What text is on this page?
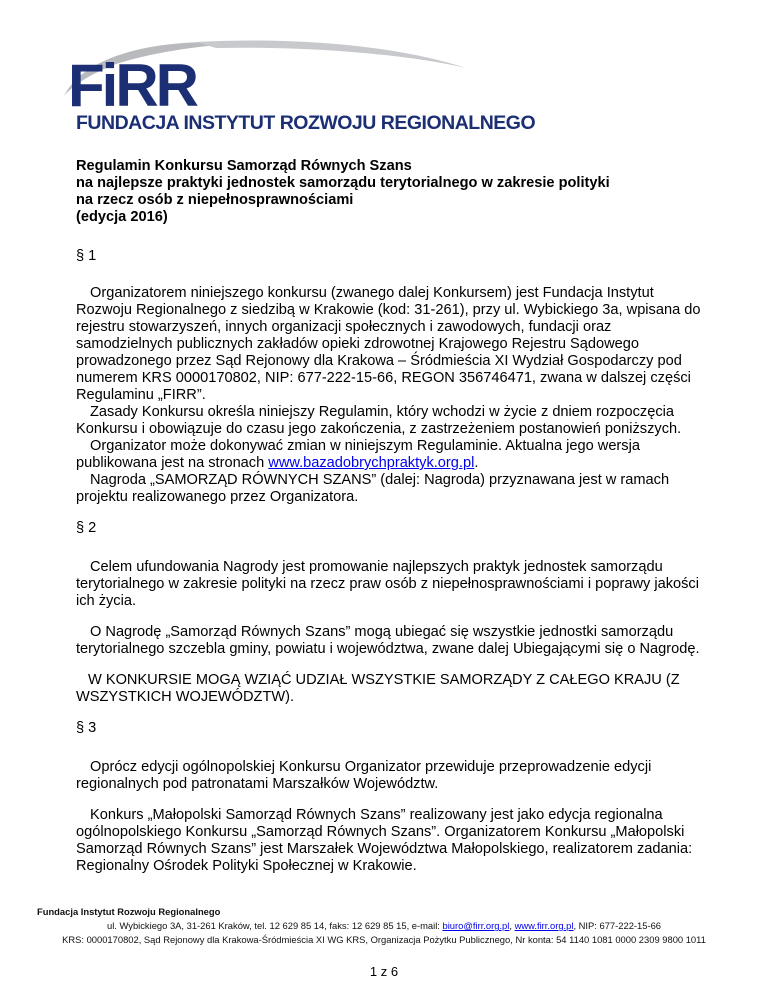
FiRR
FUNDACJA INSTYTUT ROZWOJU REGIONALNEGO
Regulamin Konkursu Samorząd Równych Szans
na najlepsze praktyki jednostek samorządu terytorialnego w zakresie polityki
na rzecz osób z niepełnosprawnościami
(edycja 2016)
§ 1

Organizatorem niniejszego konkursu (zwanego dalej Konkursem) jest Fundacja Instytut Rozwoju Regionalnego z siedzibą w Krakowie (kod: 31-261), przy ul. Wybickiego 3a, wpisana do rejestru stowarzyszeń, innych organizacji społecznych i zawodowych, fundacji oraz samodzielnych publicznych zakładów opieki zdrowotnej Krajowego Rejestru Sądowego prowadzonego przez Sąd Rejonowy dla Krakowa – Śródmieścia XI Wydział Gospodarczy pod numerem KRS 0000170802, NIP: 677-222-15-66, REGON 356746471, zwana w dalszej części Regulaminu „FIRR”.

Zasady Konkursu określa niniejszy Regulamin, który wchodzi w życie z dniem rozpoczęcia Konkursu i obowiązuje do czasu jego zakończenia, z zastrzeżeniem postanowień poniższych.

Organizator może dokonywać zmian w niniejszym Regulaminie. Aktualna jego wersja publikowana jest na stronach www.bazadobrychpraktyk.org.pl.

Nagroda „SAMORZĄD RÓWNYCH SZANS” (dalej: Nagroda) przyznawana jest w ramach projektu realizowanego przez Organizatora.

§ 2

Celem ufundowania Nagrody jest promowanie najlepszych praktyk jednostek samorządu terytorialnego w zakresie polityki na rzecz praw osób z niepełnosprawnościami i poprawy jakości ich życia.

O Nagrodę „Samorząd Równych Szans” mogą ubiegać się wszystkie jednostki samorządu terytorialnego szczebla gminy, powiatu i województwa, zwane dalej Ubiegającymi się o Nagrodę.

W KONKURSIE MOGĄ WZIĄĆ UDZIAŁ WSZYSTKIE SAMORZĄDY Z CAŁEGO KRAJU (Z WSZYSTKICH WOJEWÓDZTW).

§ 3

Oprócz edycji ogólnopolskiej Konkursu Organizator przewiduje przeprowadzenie edycji regionalnych pod patronatami Marszałków Województw.

Konkurs „Małopolski Samorząd Równych Szans” realizowany jest jako edycja regionalna ogólnopolskiego Konkursu „Samorząd Równych Szans”. Organizatorem Konkursu „Małopolski Samorząd Równych Szans” jest Marszałek Województwa Małopolskiego, realizatorem zadania: Regionalny Ośrodek Polityki Społecznej w Krakowie.

Fundacja Instytut Rozwoju Regionalnego
ul. Wybickiego 3A, 31-261 Kraków, tel. 12 629 85 14, faks: 12 629 85 15, e-mail: biuro@firr.org.pl, www.firr.org.pl, NIP: 677-222-15-66
KRS: 0000170802, Sąd Rejonowy dla Krakowa-Śródmieścia XI WG KRS, Organizacja Pożytku Publicznego, Nr konta: 54 1140 1081 0000 2309 9800 1011
1 z 6
